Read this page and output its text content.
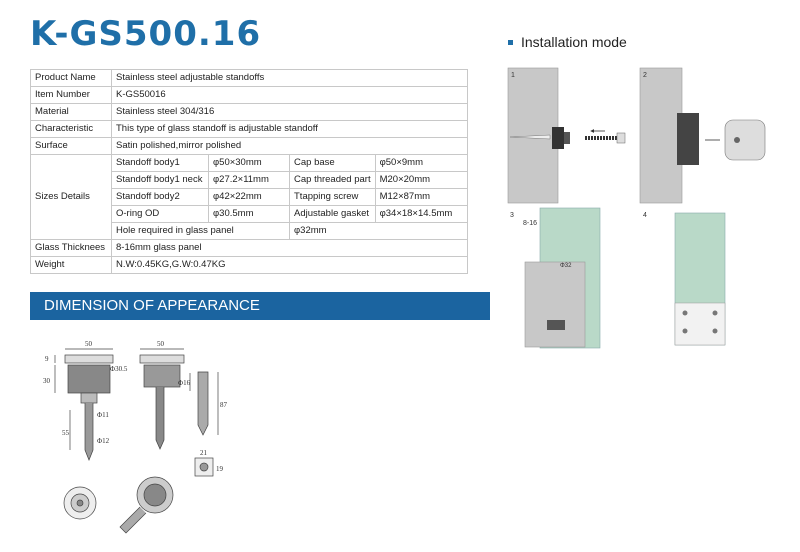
K-GS500.16	Installation mode
Product Name	Stainless steel adjustable standoffs			
Item Number	K-GS50016			
Material	Stainless steel 304/316			
Characteristic	This type of glass standoff is adjustable standoff			
Surface	Satin polished,mirror polished			
Sizes Details	Standoff body1	φ50×30mm	Cap base	φ50×9mm
	Standoff body1 neck	φ27.2×11mm	Cap threaded part	M20×20mm
	Standoff body2	φ42×22mm	Ttapping screw	M12×87mm
	O-ring OD	φ30.5mm	Adjustable gasket	φ34×18×14.5mm
	Hole required in glass panel		φ32mm	
Glass Thicknees	8-16mm glass panel			
Weight	N.W:0.45KG,G.W:0.47KG			
DIMENSION OF APPEARANCE
50
9
30
Φ30.5
Φ11
55
Φ12
50
Φ16
87
21
19
1	2
3
8-16
Φ32
4
